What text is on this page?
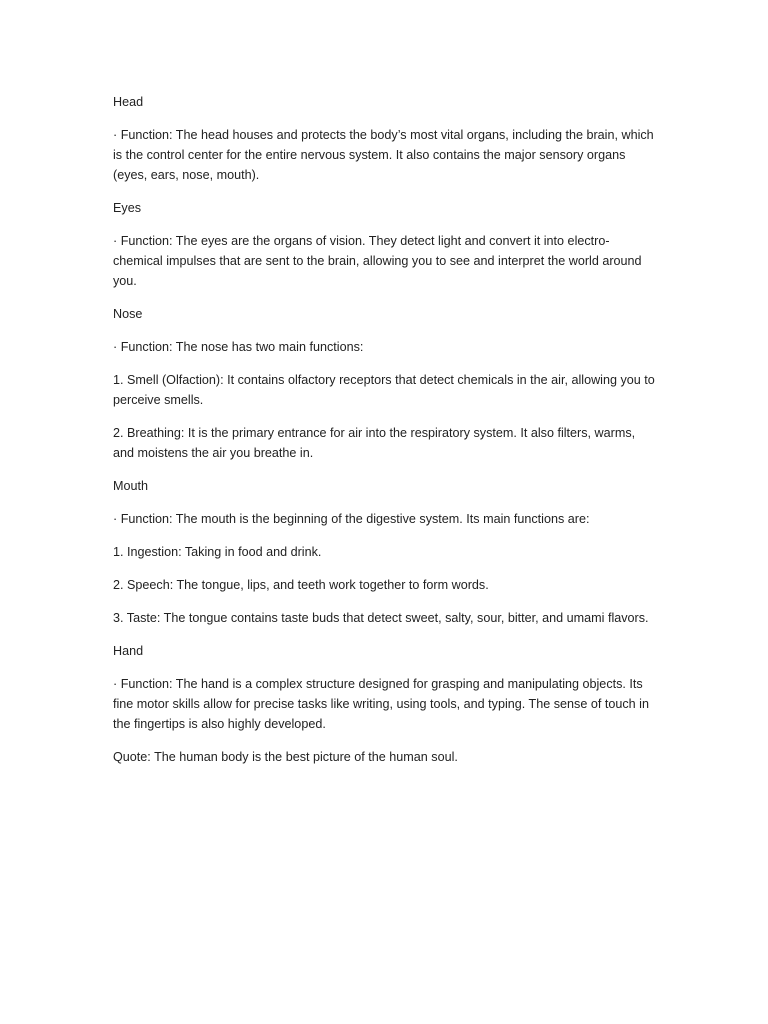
Head

· Function: The head houses and protects the body’s most vital organs, including the brain, which is the control center for the entire nervous system. It also contains the major sensory organs (eyes, ears, nose, mouth).

Eyes

· Function: The eyes are the organs of vision. They detect light and convert it into electro-chemical impulses that are sent to the brain, allowing you to see and interpret the world around you.

Nose

· Function: The nose has two main functions:

1. Smell (Olfaction): It contains olfactory receptors that detect chemicals in the air, allowing you to perceive smells.

2. Breathing: It is the primary entrance for air into the respiratory system. It also filters, warms, and moistens the air you breathe in.

Mouth

· Function: The mouth is the beginning of the digestive system. Its main functions are:

1. Ingestion: Taking in food and drink.

2. Speech: The tongue, lips, and teeth work together to form words.

3. Taste: The tongue contains taste buds that detect sweet, salty, sour, bitter, and umami flavors.

Hand

· Function: The hand is a complex structure designed for grasping and manipulating objects. Its fine motor skills allow for precise tasks like writing, using tools, and typing. The sense of touch in the fingertips is also highly developed.

Quote: The human body is the best picture of the human soul.
